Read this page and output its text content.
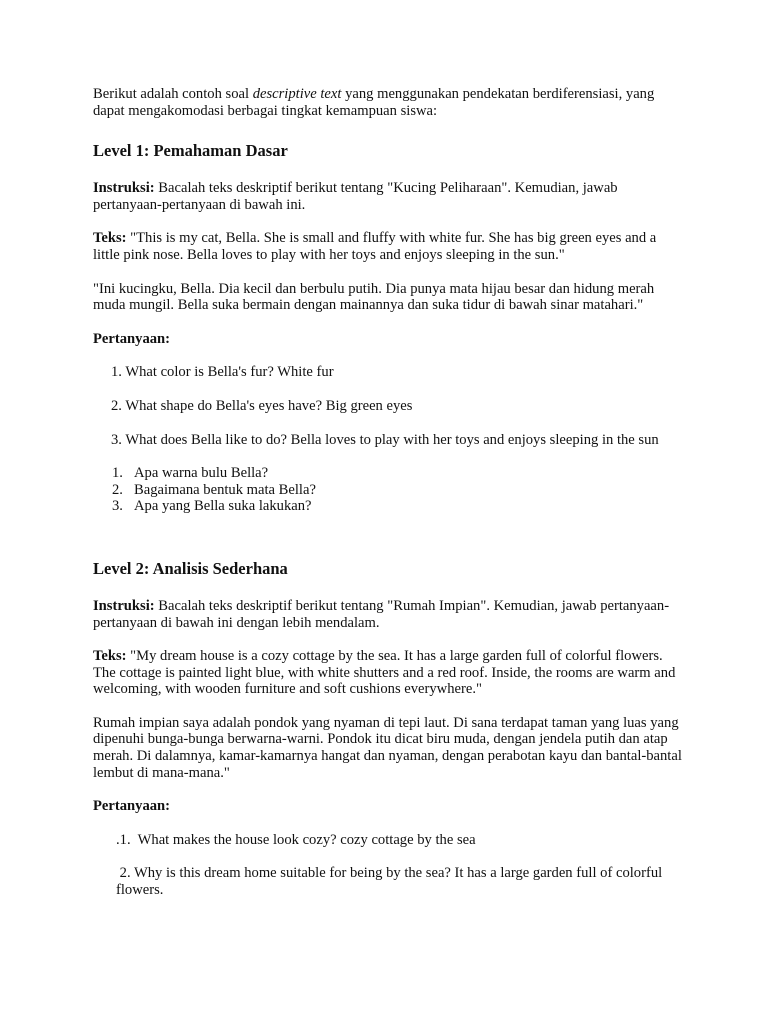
Berikut adalah contoh soal descriptive text yang menggunakan pendekatan berdiferensiasi, yang dapat mengakomodasi berbagai tingkat kemampuan siswa:

Level 1: Pemahaman Dasar

Instruksi: Bacalah teks deskriptif berikut tentang "Kucing Peliharaan". Kemudian, jawab pertanyaan-pertanyaan di bawah ini.

Teks: "This is my cat, Bella. She is small and fluffy with white fur. She has big green eyes and a little pink nose. Bella loves to play with her toys and enjoys sleeping in the sun."

"Ini kucingku, Bella. Dia kecil dan berbulu putih. Dia punya mata hijau besar dan hidung merah muda mungil. Bella suka bermain dengan mainannya dan suka tidur di bawah sinar matahari."

Pertanyaan:

1. What color is Bella's fur? White fur

2. What shape do Bella's eyes have? Big green eyes

3. What does Bella like to do? Bella loves to play with her toys and enjoys sleeping in the sun

1. Apa warna bulu Bella?
2. Bagaimana bentuk mata Bella?
3. Apa yang Bella suka lakukan?
Level 2: Analisis Sederhana

Instruksi: Bacalah teks deskriptif berikut tentang "Rumah Impian". Kemudian, jawab pertanyaan-pertanyaan di bawah ini dengan lebih mendalam.

Teks: "My dream house is a cozy cottage by the sea. It has a large garden full of colorful flowers. The cottage is painted light blue, with white shutters and a red roof. Inside, the rooms are warm and welcoming, with wooden furniture and soft cushions everywhere."

Rumah impian saya adalah pondok yang nyaman di tepi laut. Di sana terdapat taman yang luas yang dipenuhi bunga-bunga berwarna-warni. Pondok itu dicat biru muda, dengan jendela putih dan atap merah. Di dalamnya, kamar-kamarnya hangat dan nyaman, dengan perabotan kayu dan bantal-bantal lembut di mana-mana."

Pertanyaan:

.1.  What makes the house look cozy? cozy cottage by the sea

2. Why is this dream home suitable for being by the sea? It has a large garden full of colorful flowers.
